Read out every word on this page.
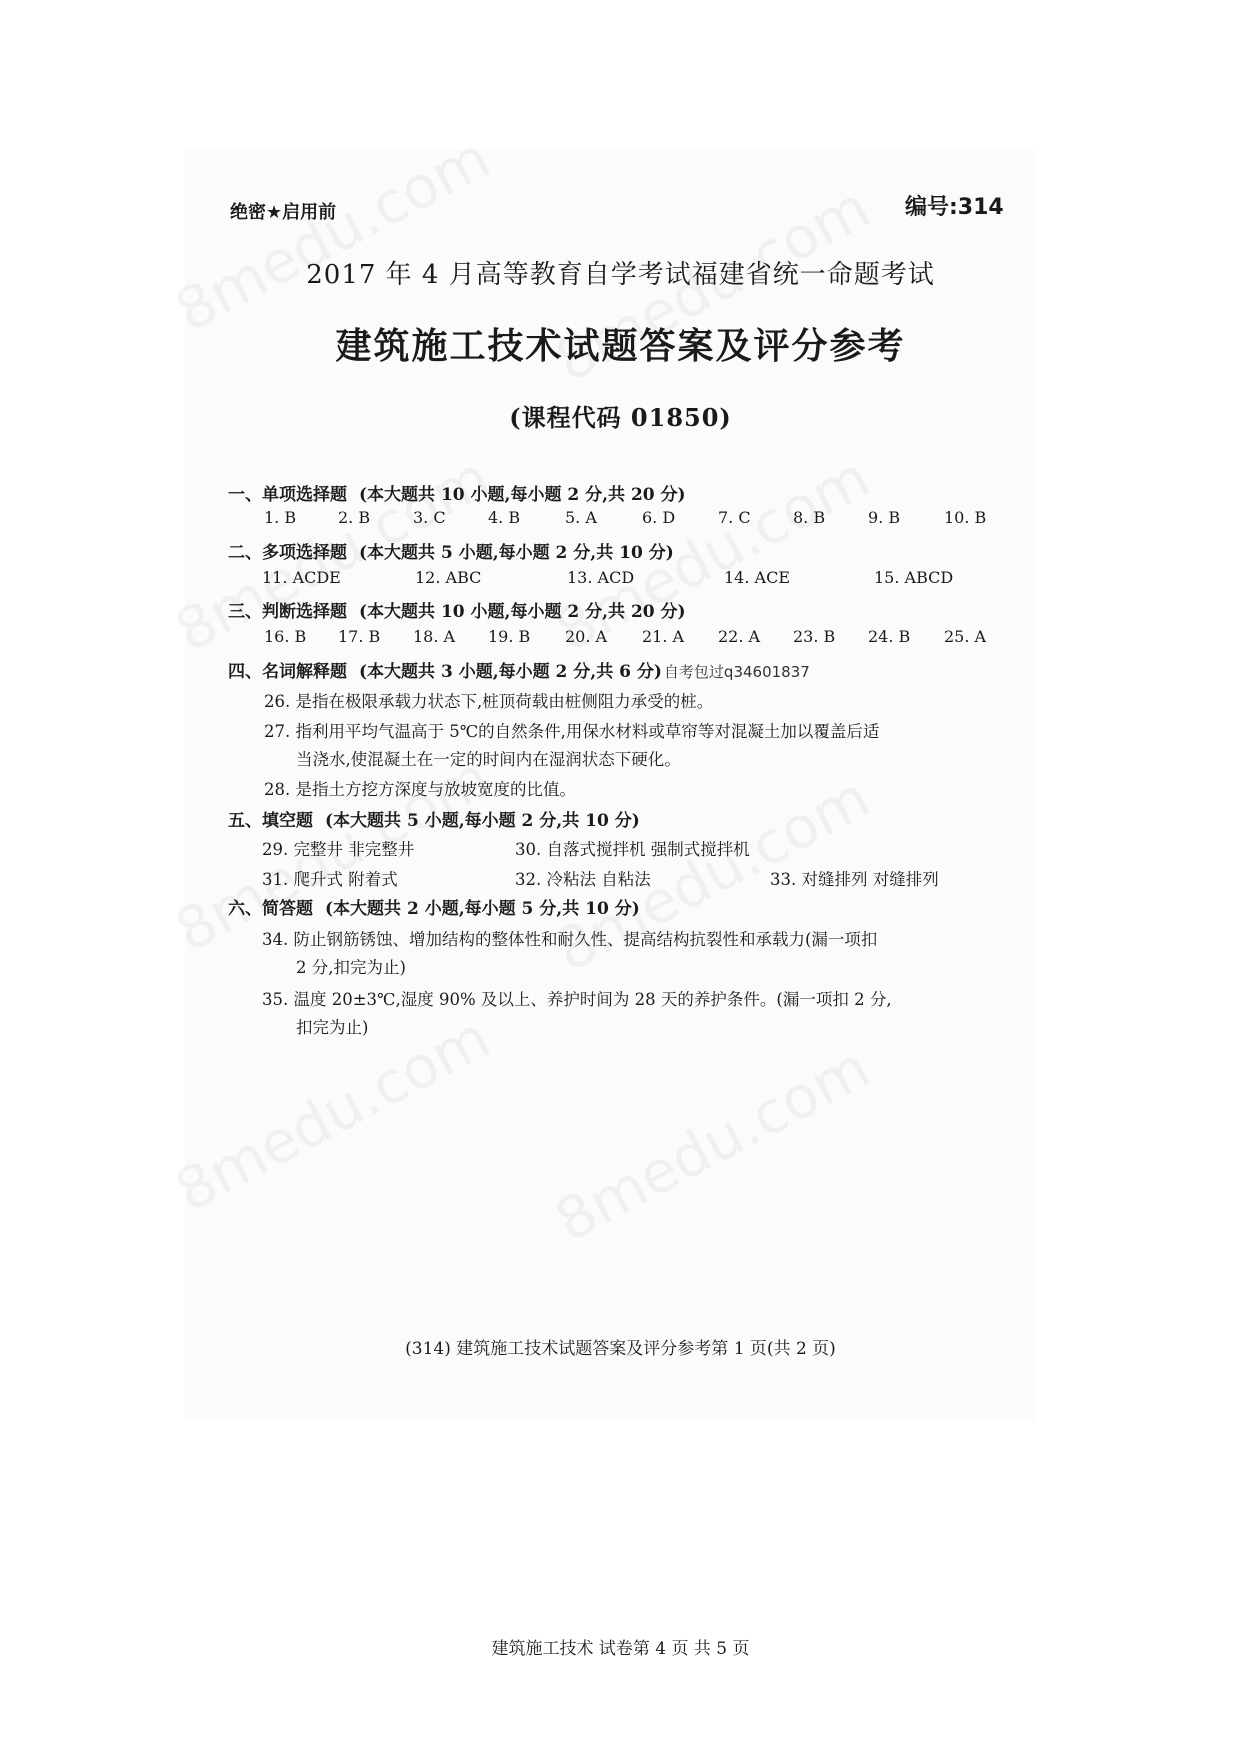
绝密★启用前	编号:314
2017 年 4 月高等教育自学考试福建省统一命题考试
建筑施工技术试题答案及评分参考
(课程代码 01850)
一、单项选择题 (本大题共 10 小题,每小题 2 分,共 20 分)
1. B	2. B	3. C	4. B	5. A	6. D	7. C	8. B	9. B	10. B
二、多项选择题 (本大题共 5 小题,每小题 2 分,共 10 分)
11. ACDE	12. ABC	13. ACD	14. ACE	15. ABCD
三、判断选择题 (本大题共 10 小题,每小题 2 分,共 20 分)
16. B 17. B 18. A 19. B 20. A 21. A 22. A 23. B 24. B 25. A
四、名词解释题 (本大题共 3 小题,每小题 2 分,共 6 分) 自考包过q34601837
26. 是指在极限承载力状态下,桩顶荷载由桩侧阻力承受的桩。
27. 指利用平均气温高于 5℃的自然条件,用保水材料或草帘等对混凝土加以覆盖后适
当浇水,使混凝土在一定的时间内在湿润状态下硬化。
28. 是指土方挖方深度与放坡宽度的比值。
五、填空题 (本大题共 5 小题,每小题 2 分,共 10 分)
29. 完整井 非完整井	30. 自落式搅拌机 强制式搅拌机
31. 爬升式 附着式	32. 冷粘法 自粘法	33. 对缝排列 对缝排列
六、简答题 (本大题共 2 小题,每小题 5 分,共 10 分)
34. 防止钢筋锈蚀、增加结构的整体性和耐久性、提高结构抗裂性和承载力(漏一项扣
2 分,扣完为止)
35. 温度 20±3℃,湿度 90% 及以上、养护时间为 28 天的养护条件。(漏一项扣 2 分,
扣完为止)
(314) 建筑施工技术试题答案及评分参考第 1 页(共 2 页)
建筑施工技术 试卷第 4 页 共 5 页
